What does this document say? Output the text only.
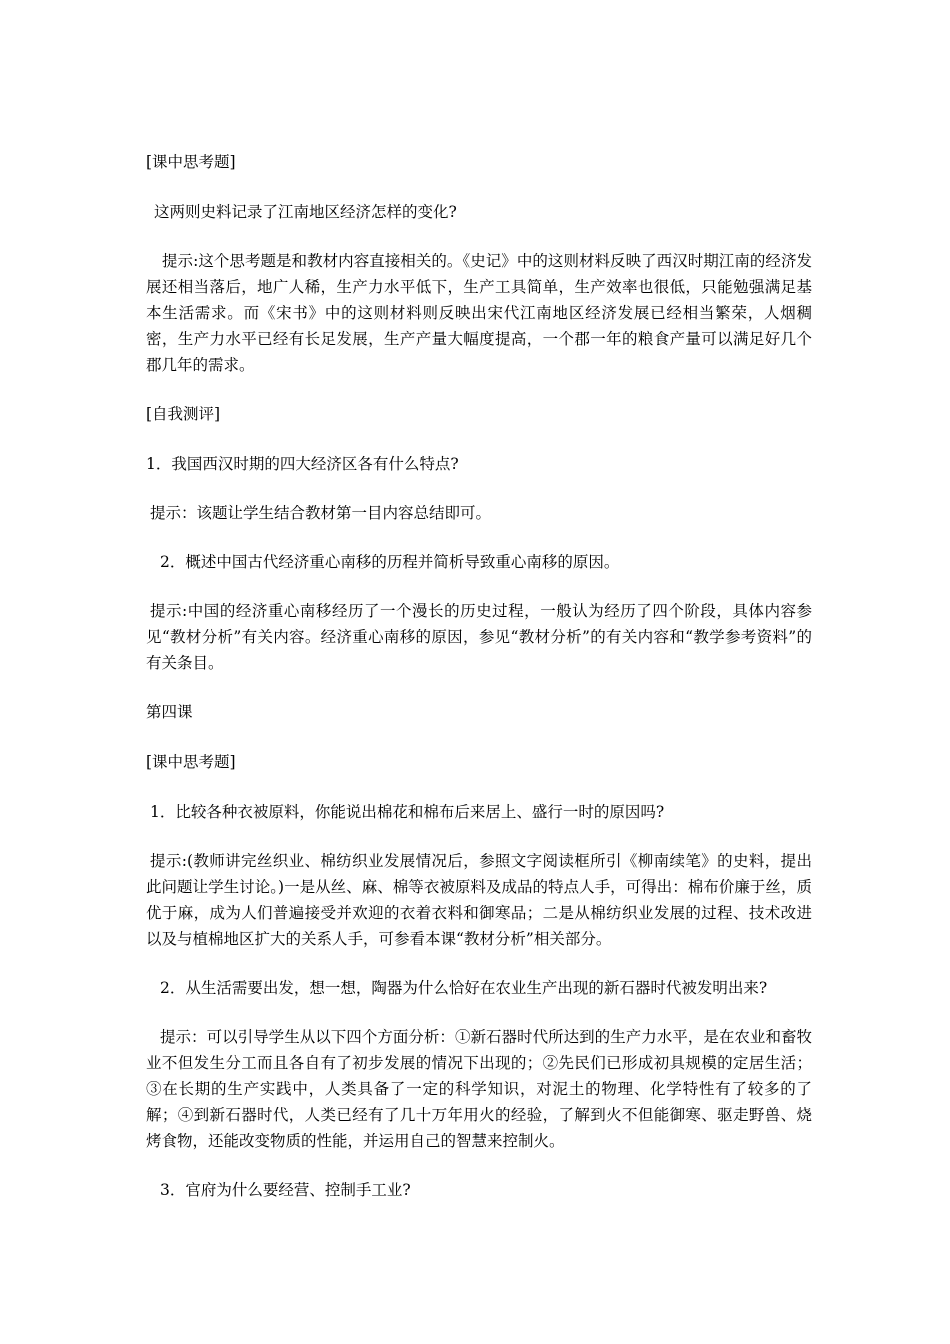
[课中思考题]

这两则史料记录了江南地区经济怎样的变化?

提示:这个思考题是和教材内容直接相关的。《史记》中的这则材料反映了西汉时期江南的经济发展还相当落后，地广人稀，生产力水平低下，生产工具简单，生产效率也很低，只能勉强满足基本生活需求。而《宋书》中的这则材料则反映出宋代江南地区经济发展已经相当繁荣，人烟稠密，生产力水平已经有长足发展，生产产量大幅度提高，一个郡一年的粮食产量可以满足好几个郡几年的需求。

[自我测评]

1．我国西汉时期的四大经济区各有什么特点?

提示：该题让学生结合教材第一目内容总结即可。

2．概述中国古代经济重心南移的历程并简析导致重心南移的原因。

提示:中国的经济重心南移经历了一个漫长的历史过程，一般认为经历了四个阶段，具体内容参见“教材分析”有关内容。经济重心南移的原因，参见“教材分析”的有关内容和“教学参考资料”的有关条目。

第四课

[课中思考题]

1．比较各种衣被原料，你能说出棉花和棉布后来居上、盛行一时的原因吗?

提示:(教师讲完丝织业、棉纺织业发展情况后，参照文字阅读框所引《柳南续笔》的史料，提出此问题让学生讨论。)一是从丝、麻、棉等衣被原料及成品的特点人手，可得出：棉布价廉于丝，质优于麻，成为人们普遍接受并欢迎的衣着衣料和御寒品；二是从棉纺织业发展的过程、技术改进以及与植棉地区扩大的关系人手，可参看本课“教材分析”相关部分。

2．从生活需要出发，想一想，陶器为什么恰好在农业生产出现的新石器时代被发明出来?

提示：可以引导学生从以下四个方面分析：①新石器时代所达到的生产力水平，是在农业和畜牧业不但发生分工而且各自有了初步发展的情况下出现的；②先民们已形成初具规模的定居生活；③在长期的生产实践中，人类具备了一定的科学知识，对泥土的物理、化学特性有了较多的了解；④到新石器时代，人类已经有了几十万年用火的经验，了解到火不但能御寒、驱走野兽、烧烤食物，还能改变物质的性能，并运用自己的智慧来控制火。

3．官府为什么要经营、控制手工业?
